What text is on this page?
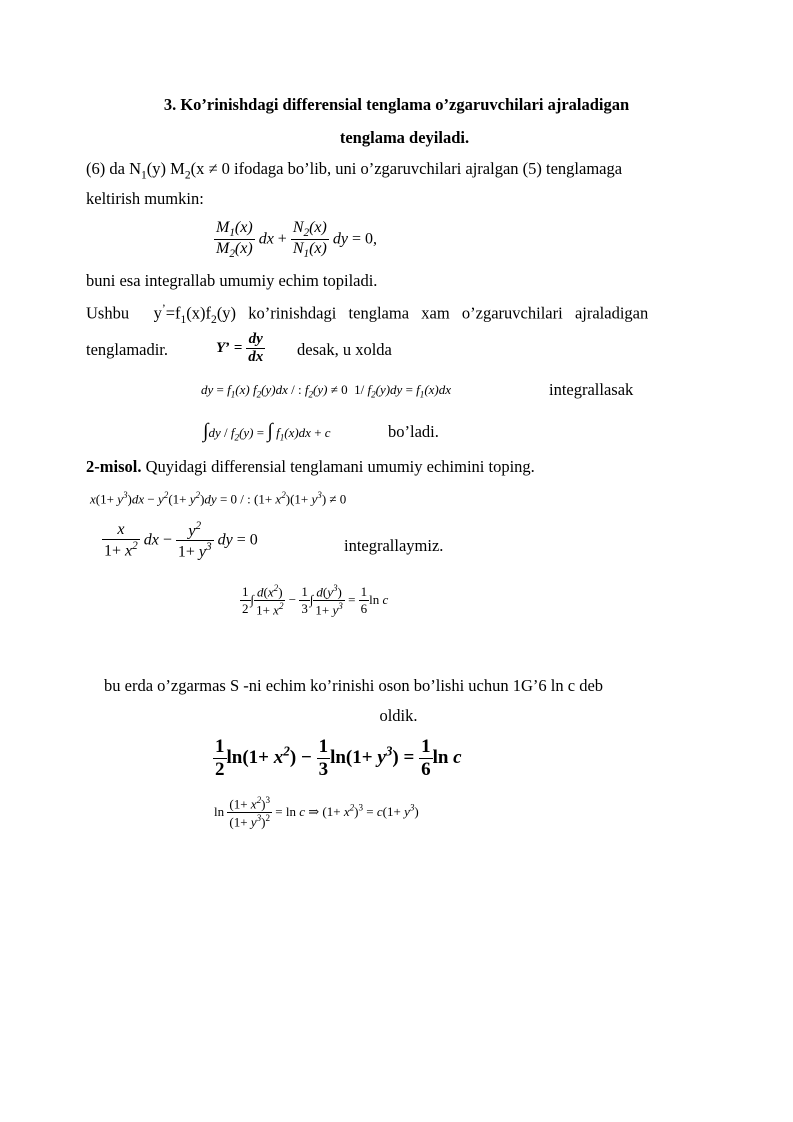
3. Ko’rinishdagi differensial tenglama o’zgaruvchilari ajraladigan
tenglama deyiladi.
(6) da $N_1(y) M_2(x \ne 0$ ifodaga bo’lib, uni o’zgaruvchilari ajralgan (5) tenglamaga
keltirish mumkin:
$\frac{M_1(x)}{M_2(x)}$ dx + $\frac{N_2(x)}{N_1(x)}$ dy = 0,
buni esa integrallab umumiy echim topiladi.
Ushbu    $y^’=f_1(x)f_2(y)$  ko’rinishdagi  tenglama  xam  o’zgaruvchilari  ajraladigan
tenglamadir.	Y’ = $\frac{dy}{dx}$ desak, u xolda
dy = $f_1(x)$ $f_2(y)dx$ / : $f_2(y) \ne 0$  1/ $f_2(y)dy = f_1(x)dx$	integrallasak
$\int dy / f_2(y)$ = ∫ $f_1(x)dx + c$	bo’ladi.
2-misol. Quyidagi differensial tenglamani umumiy echimini toping.
$x(1+ y^3)dx - y^2(1+ y^2)dy = 0$ / : $(1+ x^2)(1+ y^3) \ne 0$
$\frac{x}{1+ x^2}$ dx − $\frac{y^2}{1+ y^3}$ dy = 0	integrallaymiz.
$\frac{1}{2}$ ∫ $\frac{d(x^2)}{1+ x^2} - \frac{1}{3}$ ∫ $\frac{d(y^3)}{1+ y^3} = \frac{1}{6}$ ln c
bu erda o’zgarmas S -ni echim ko’rinishi oson bo’lishi uchun 1G’6 ln c deb
oldik.
$\frac{1}{2} \ln(1+ x^2) - \frac{1}{3} \ln(1+ y^3) = \frac{1}{6}$ ln c
$\ln \frac{(1+ x^2)^3}{(1+ y^3)^2} = \ln c$ ⇒ $(1+ x^2)^3 = c(1+ y^3)$
